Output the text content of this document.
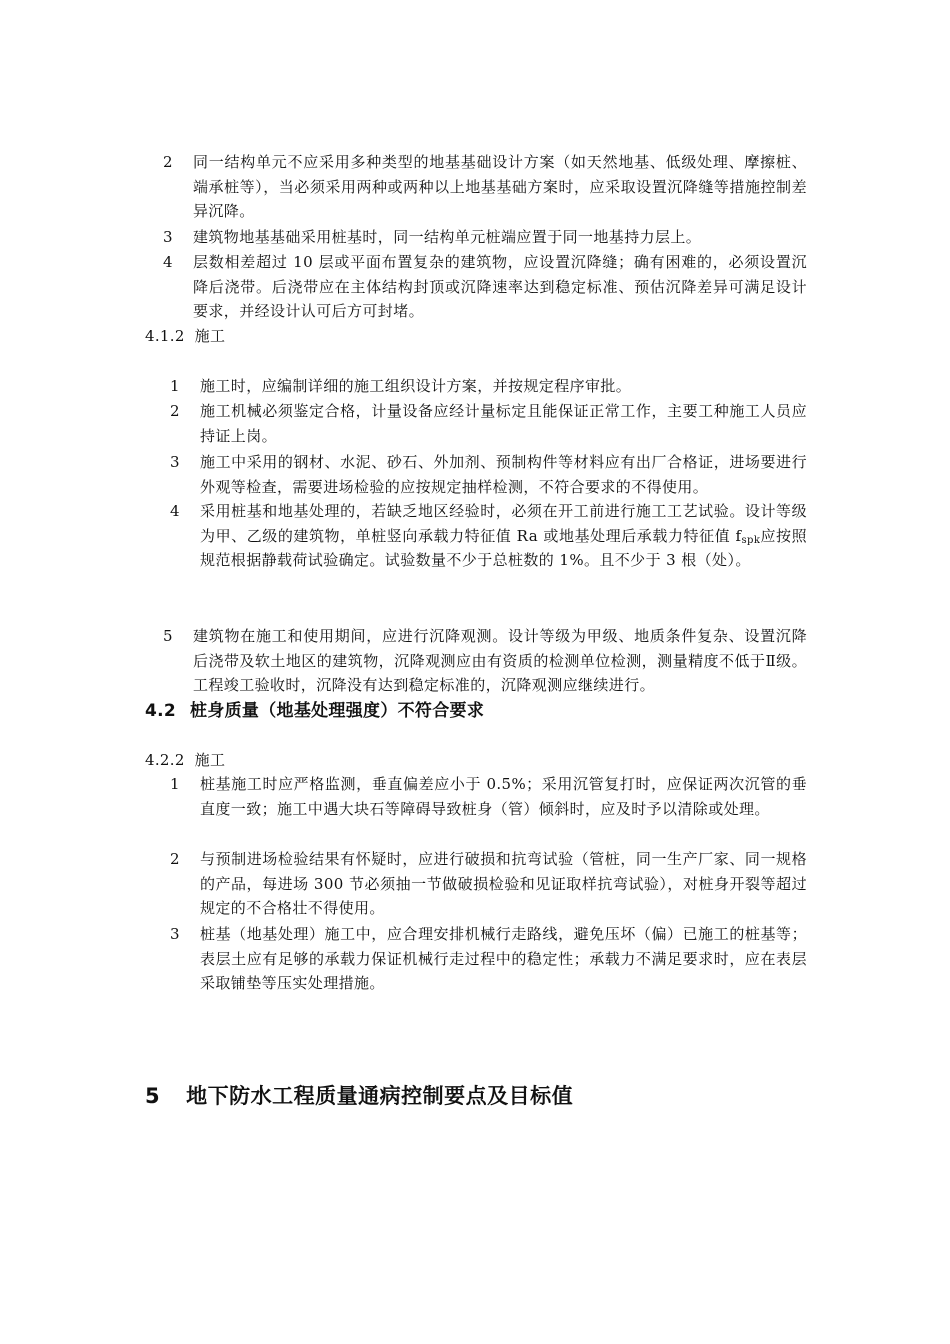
2	同一结构单元不应采用多种类型的地基基础设计方案（如天然地基、低级处理、摩擦桩、端承桩等），当必须采用两种或两种以上地基基础方案时，应采取设置沉降缝等措施控制差异沉降。
3	建筑物地基基础采用桩基时，同一结构单元桩端应置于同一地基持力层上。
4	层数相差超过 10 层或平面布置复杂的建筑物，应设置沉降缝；确有困难的，必须设置沉降后浇带。后浇带应在主体结构封顶或沉降速率达到稳定标准、预估沉降差异可满足设计要求，并经设计认可后方可封堵。
4.1.2 施工
1	施工时，应编制详细的施工组织设计方案，并按规定程序审批。
2	施工机械必须鉴定合格，计量设备应经计量标定且能保证正常工作，主要工种施工人员应持证上岗。
3	施工中采用的钢材、水泥、砂石、外加剂、预制构件等材料应有出厂合格证，进场要进行外观等检查，需要进场检验的应按规定抽样检测，不符合要求的不得使用。
4	采用桩基和地基处理的，若缺乏地区经验时，必须在开工前进行施工工艺试验。设计等级为甲、乙级的建筑物，单桩竖向承载力特征值 Ra 或地基处理后承载力特征值 $f_{spk}$应按照规范根据静载荷试验确定。试验数量不少于总桩数的 1%。且不少于 3 根（处）。
5	建筑物在施工和使用期间，应进行沉降观测。设计等级为甲级、地质条件复杂、设置沉降后浇带及软土地区的建筑物，沉降观测应由有资质的检测单位检测，测量精度不低于Ⅱ级。工程竣工验收时，沉降没有达到稳定标准的，沉降观测应继续进行。
4.2 桩身质量（地基处理强度）不符合要求
4.2.2 施工
1	桩基施工时应严格监测，垂直偏差应小于 0.5%；采用沉管复打时，应保证两次沉管的垂直度一致；施工中遇大块石等障碍导致桩身（管）倾斜时，应及时予以清除或处理。
2	与预制进场检验结果有怀疑时，应进行破损和抗弯试验（管桩，同一生产厂家、同一规格的产品，每进场 300 节必须抽一节做破损检验和见证取样抗弯试验），对桩身开裂等超过规定的不合格壮不得使用。
3	桩基（地基处理）施工中，应合理安排机械行走路线，避免压坏（偏）已施工的桩基等；表层土应有足够的承载力保证机械行走过程中的稳定性；承载力不满足要求时，应在表层采取铺垫等压实处理措施。
5 地下防水工程质量通病控制要点及目标值
